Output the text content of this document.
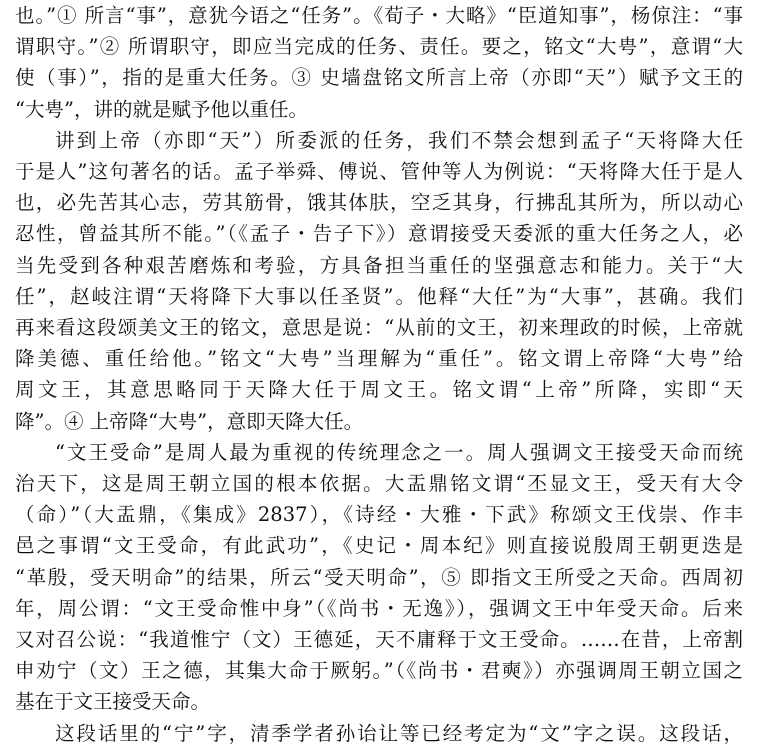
也。”① 所言“事”，意犹今语之“任务”。《荀子・大略》“臣道知事”，杨倞注：“事
谓职守。”② 所谓职守，即应当完成的任务、责任。要之，铭文“大甹”，意谓“大
使（事）”，指的是重大任务。③ 史墙盘铭文所言上帝（亦即“天”）赋予文王的
“大甹”，讲的就是赋予他以重任。
讲到上帝（亦即“天”）所委派的任务，我们不禁会想到孟子“天将降大任
于是人”这句著名的话。孟子举舜、傅说、管仲等人为例说：“天将降大任于是人
也，必先苦其心志，劳其筋骨，饿其体肤，空乏其身，行拂乱其所为，所以动心
忍性，曾益其所不能。”（《孟子・告子下》）意谓接受天委派的重大任务之人，必
当先受到各种艰苦磨炼和考验，方具备担当重任的坚强意志和能力。关于“大
任”，赵岐注谓“天将降下大事以任圣贤”。他释“大任”为“大事”，甚确。我们
再来看这段颂美文王的铭文，意思是说：“从前的文王，初来理政的时候，上帝就
降美德、重任给他。”铭文“大甹”当理解为“重任”。铭文谓上帝降“大甹”给
周文王，其意思略同于天降大任于周文王。铭文谓“上帝”所降，实即“天
降”。④ 上帝降“大甹”，意即天降大任。
“文王受命”是周人最为重视的传统理念之一。周人强调文王接受天命而统
治天下，这是周王朝立国的根本依据。大盂鼎铭文谓“丕显文王，受天有大令
（命）”（大盂鼎，《集成》2837），《诗经・大雅・下武》称颂文王伐崇、作丰
邑之事谓“文王受命，有此武功”，《史记・周本纪》则直接说殷周王朝更迭是
“革殷，受天明命”的结果，所云“受天明命”，⑤ 即指文王所受之天命。西周初
年，周公谓：“文王受命惟中身”（《尚书・无逸》），强调文王中年受天命。后来
又对召公说：“我道惟宁（文）王德延，天不庸释于文王受命。……在昔，上帝割
申劝宁（文）王之德，其集大命于厥躬。”（《尚书・君奭》）亦强调周王朝立国之
基在于文王接受天命。
这段话里的“宁”字，清季学者孙诒让等已经考定为“文”字之误。这段话，
